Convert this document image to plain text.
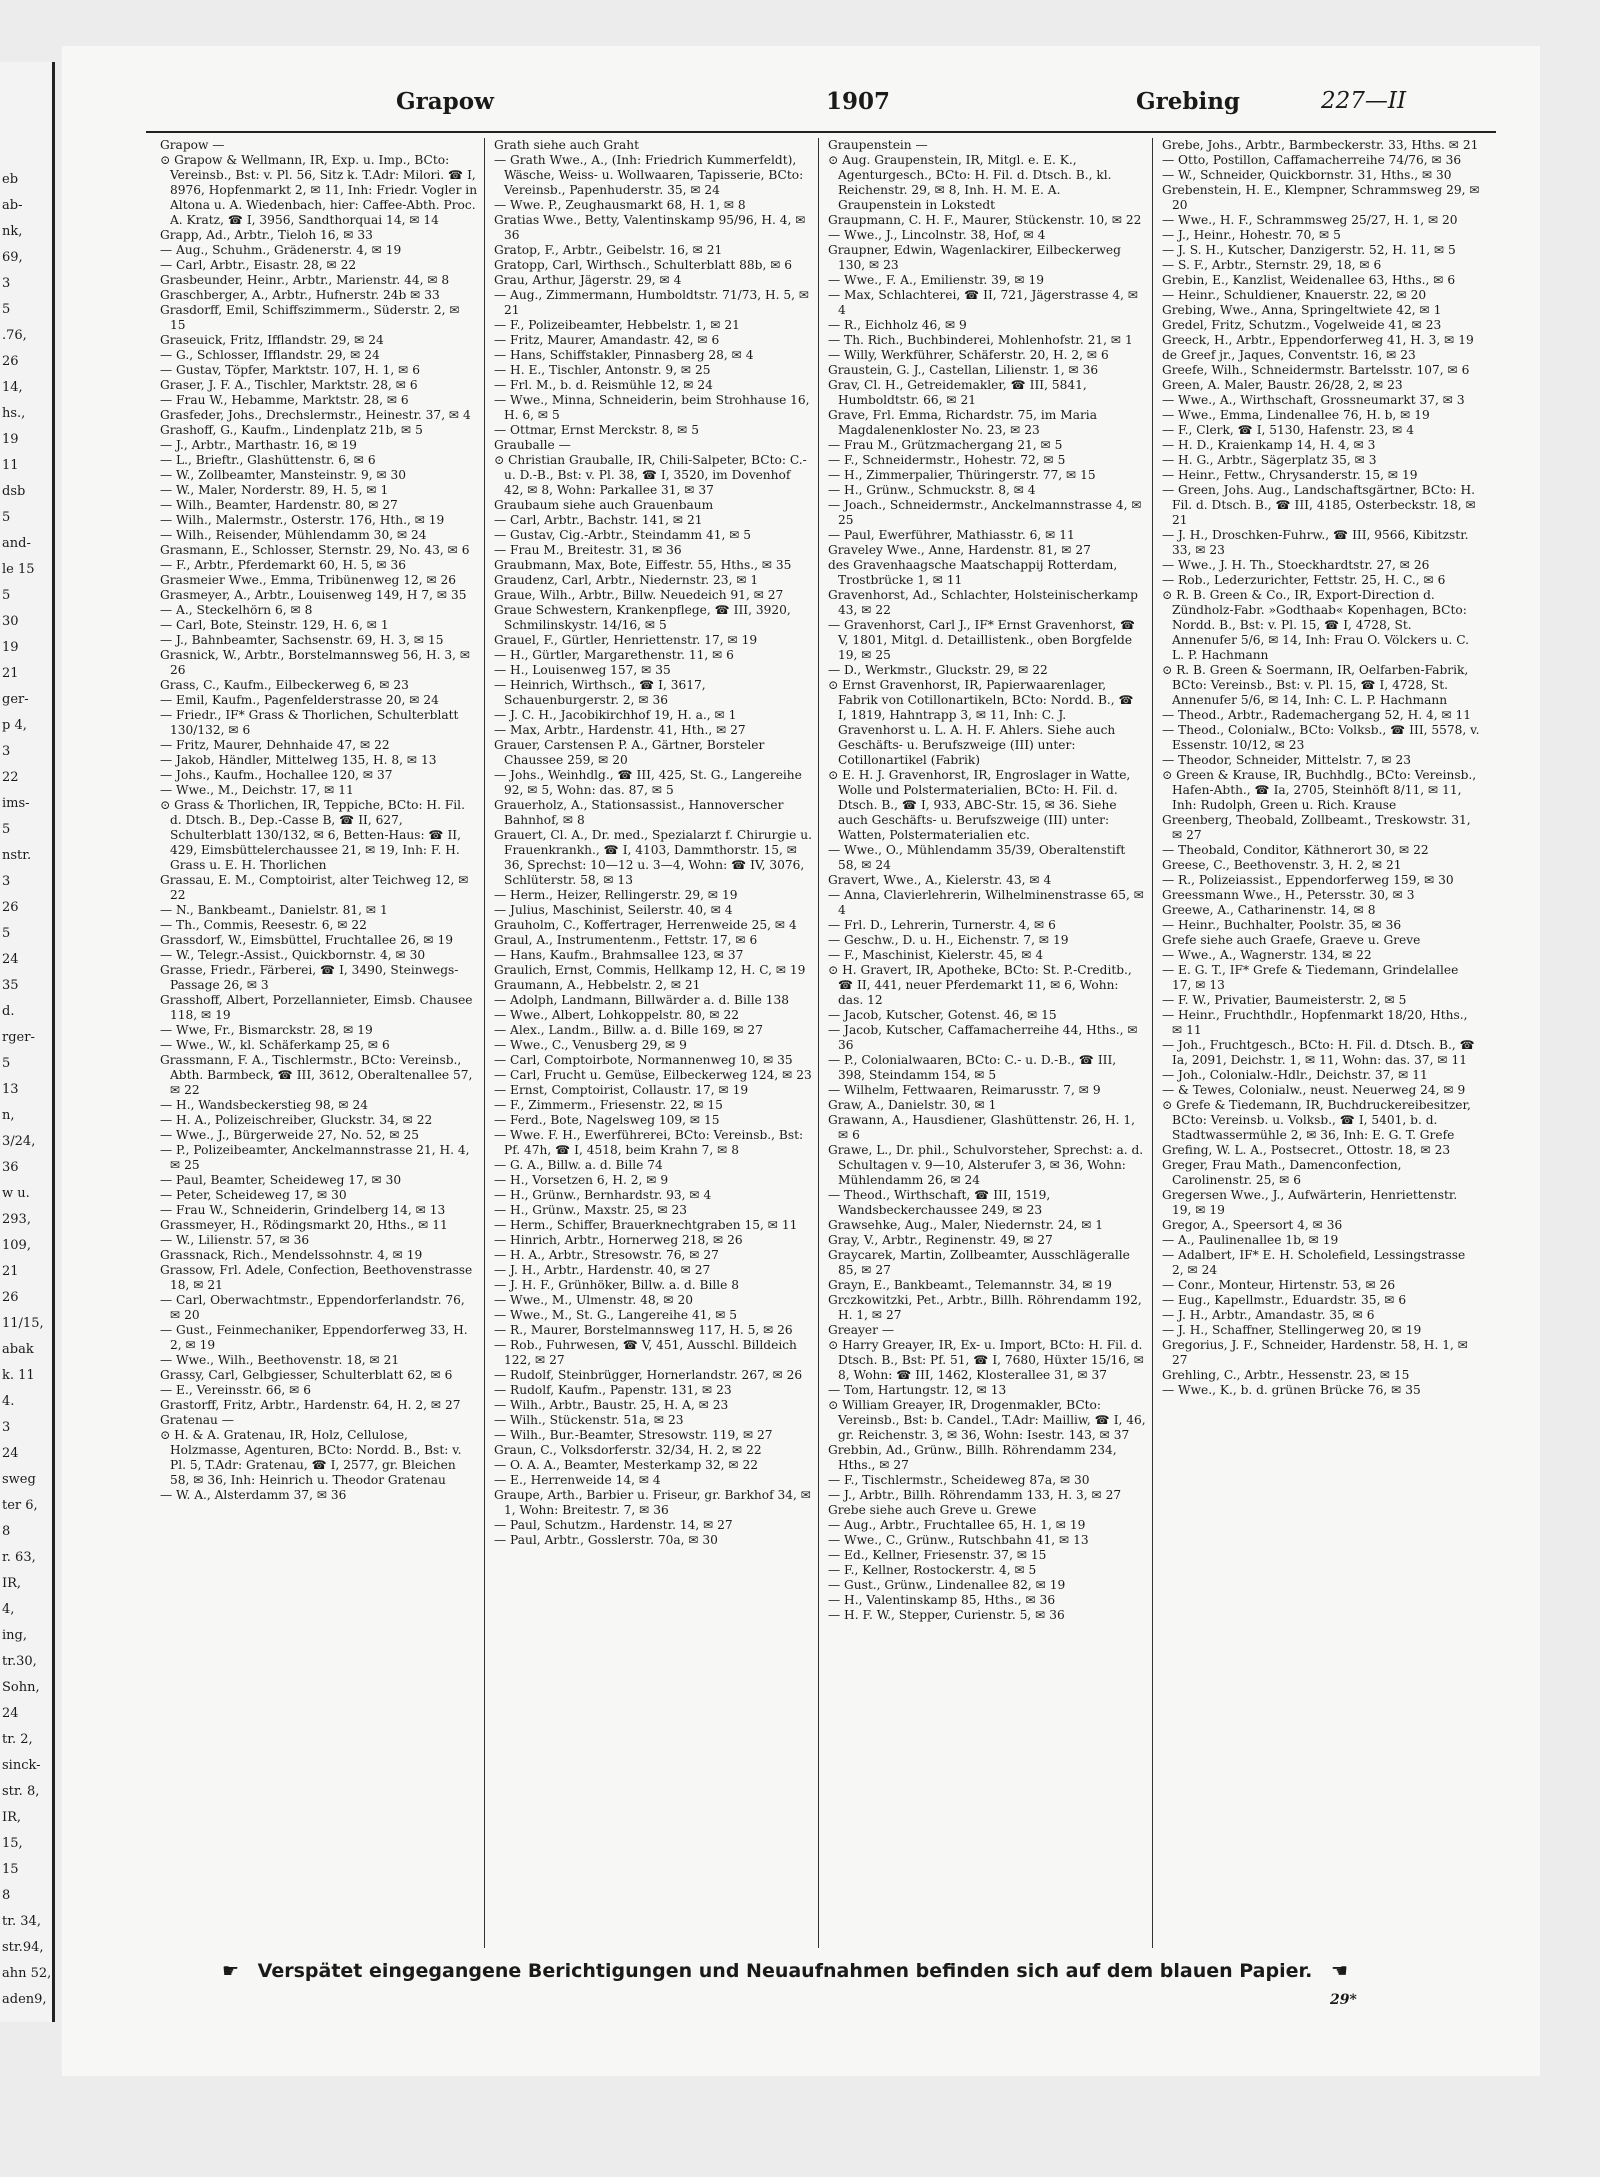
eb
ab-
nk,
69,
3
5
.76,
26
14,
hs.,
19
11
dsb
5
and-
le 15
5
30
19
21
ger-
p 4,
3
22
ims-
5
nstr.
3
26
5
24
35
d.
rger-
5
13
n,
3/24,
36
w u.
293,
109,
21
26
11/15,
abak
k. 11
4.
3
24
sweg
ter 6,
8
r. 63,
IR,
4,
ing,
tr.30,
Sohn,
24
tr. 2,
sinck-
str. 8,
IR,
15,
15
8
tr. 34,
str.94,
ahn 52,
aden9,
Grapow	1907	Grebing	227—II

Grapow —

⊙ Grapow & Wellmann, IR, Exp. u. Imp., BCto: Vereinsb., Bst: v. Pl. 56, Sitz k. T.Adr: Milori. ☎ I, 8976, Hopfenmarkt 2, ✉ 11, Inh: Friedr. Vogler in Altona u. A. Wiedenbach, hier: Caffee-Abth. Proc. A. Kratz, ☎ I, 3956, Sandthorquai 14, ✉ 14

Grapp, Ad., Arbtr., Tieloh 16, ✉ 33

— Aug., Schuhm., Grädenerstr. 4, ✉ 19

— Carl, Arbtr., Eisastr. 28, ✉ 22

Grasbeunder, Heinr., Arbtr., Marienstr. 44, ✉ 8

Graschberger, A., Arbtr., Hufnerstr. 24b ✉ 33

Grasdorff, Emil, Schiffszimmerm., Süderstr. 2, ✉ 15

Graseuick, Fritz, Ifflandstr. 29, ✉ 24

— G., Schlosser, Ifflandstr. 29, ✉ 24

— Gustav, Töpfer, Marktstr. 107, H. 1, ✉ 6

Graser, J. F. A., Tischler, Marktstr. 28, ✉ 6

— Frau W., Hebamme, Marktstr. 28, ✉ 6

Grasfeder, Johs., Drechslermstr., Heinestr. 37, ✉ 4

Grashoff, G., Kaufm., Lindenplatz 21b, ✉ 5

— J., Arbtr., Marthastr. 16, ✉ 19

— L., Brieftr., Glashüttenstr. 6, ✉ 6

— W., Zollbeamter, Mansteinstr. 9, ✉ 30

— W., Maler, Norderstr. 89, H. 5, ✉ 1

— Wilh., Beamter, Hardenstr. 80, ✉ 27

— Wilh., Malermstr., Osterstr. 176, Hth., ✉ 19

— Wilh., Reisender, Mühlendamm 30, ✉ 24

Grasmann, E., Schlosser, Sternstr. 29, No. 43, ✉ 6

— F., Arbtr., Pferdemarkt 60, H. 5, ✉ 36

Grasmeier Wwe., Emma, Tribünenweg 12, ✉ 26

Grasmeyer, A., Arbtr., Louisenweg 149, H 7, ✉ 35

— A., Steckelhörn 6, ✉ 8

— Carl, Bote, Steinstr. 129, H. 6, ✉ 1

— J., Bahnbeamter, Sachsenstr. 69, H. 3, ✉ 15

Grasnick, W., Arbtr., Borstelmannsweg 56, H. 3, ✉ 26

Grass, C., Kaufm., Eilbeckerweg 6, ✉ 23

— Emil, Kaufm., Pagenfelderstrasse 20, ✉ 24

— Friedr., IF* Grass & Thorlichen, Schulterblatt 130/132, ✉ 6

— Fritz, Maurer, Dehnhaide 47, ✉ 22

— Jakob, Händler, Mittelweg 135, H. 8, ✉ 13

— Johs., Kaufm., Hochallee 120, ✉ 37

— Wwe., M., Deichstr. 17, ✉ 11

⊙ Grass & Thorlichen, IR, Teppiche, BCto: H. Fil. d. Dtsch. B., Dep.-Casse B, ☎ II, 627, Schulterblatt 130/132, ✉ 6, Betten-Haus: ☎ II, 429, Eimsbüttelerchaussee 21, ✉ 19, Inh: F. H. Grass u. E. H. Thorlichen

Grassau, E. M., Comptoirist, alter Teichweg 12, ✉ 22

— N., Bankbeamt., Danielstr. 81, ✉ 1

— Th., Commis, Reesestr. 6, ✉ 22

Grassdorf, W., Eimsbüttel, Fruchtallee 26, ✉ 19

— W., Telegr.-Assist., Quickbornstr. 4, ✉ 30

Grasse, Friedr., Färberei, ☎ I, 3490, Steinwegs-Passage 26, ✉ 3

Grasshoff, Albert, Porzellannieter, Eimsb. Chausee 118, ✉ 19

— Wwe, Fr., Bismarckstr. 28, ✉ 19

— Wwe., W., kl. Schäferkamp 25, ✉ 6

Grassmann, F. A., Tischlermstr., BCto: Vereinsb., Abth. Barmbeck, ☎ III, 3612, Oberaltenallee 57, ✉ 22

— H., Wandsbeckerstieg 98, ✉ 24

— H. A., Polizeischreiber, Gluckstr. 34, ✉ 22

— Wwe., J., Bürgerweide 27, No. 52, ✉ 25

— P., Polizeibeamter, Anckelmannstrasse 21, H. 4, ✉ 25

— Paul, Beamter, Scheideweg 17, ✉ 30

— Peter, Scheideweg 17, ✉ 30

— Frau W., Schneiderin, Grindelberg 14, ✉ 13

Grassmeyer, H., Rödingsmarkt 20, Hths., ✉ 11

— W., Lilienstr. 57, ✉ 36

Grassnack, Rich., Mendelssohnstr. 4, ✉ 19

Grassow, Frl. Adele, Confection, Beethovenstrasse 18, ✉ 21

— Carl, Oberwachtmstr., Eppendorferlandstr. 76, ✉ 20

— Gust., Feinmechaniker, Eppendorferweg 33, H. 2, ✉ 19

— Wwe., Wilh., Beethovenstr. 18, ✉ 21

Grassy, Carl, Gelbgiesser, Schulterblatt 62, ✉ 6

— E., Vereinsstr. 66, ✉ 6

Grastorff, Fritz, Arbtr., Hardenstr. 64, H. 2, ✉ 27

Gratenau —

⊙ H. & A. Gratenau, IR, Holz, Cellulose, Holzmasse, Agenturen, BCto: Nordd. B., Bst: v. Pl. 5, T.Adr: Gratenau, ☎ I, 2577, gr. Bleichen 58, ✉ 36, Inh: Heinrich u. Theodor Gratenau

— W. A., Alsterdamm 37, ✉ 36

Grath siehe auch Graht

— Grath Wwe., A., (Inh: Friedrich Kummerfeldt), Wäsche, Weiss- u. Wollwaaren, Tapisserie, BCto: Vereinsb., Papenhuderstr. 35, ✉ 24

— Wwe. P., Zeughausmarkt 68, H. 1, ✉ 8

Gratias Wwe., Betty, Valentinskamp 95/96, H. 4, ✉ 36

Gratop, F., Arbtr., Geibelstr. 16, ✉ 21

Gratopp, Carl, Wirthsch., Schulterblatt 88b, ✉ 6

Grau, Arthur, Jägerstr. 29, ✉ 4

— Aug., Zimmermann, Humboldtstr. 71/73, H. 5, ✉ 21

— F., Polizeibeamter, Hebbelstr. 1, ✉ 21

— Fritz, Maurer, Amandastr. 42, ✉ 6

— Hans, Schiffstakler, Pinnasberg 28, ✉ 4

— H. E., Tischler, Antonstr. 9, ✉ 25

— Frl. M., b. d. Reismühle 12, ✉ 24

— Wwe., Minna, Schneiderin, beim Strohhause 16, H. 6, ✉ 5

— Ottmar, Ernst Merckstr. 8, ✉ 5

Grauballe —

⊙ Christian Grauballe, IR, Chili-Salpeter, BCto: C.- u. D.-B., Bst: v. Pl. 38, ☎ I, 3520, im Dovenhof 42, ✉ 8, Wohn: Parkallee 31, ✉ 37

Graubaum siehe auch Grauenbaum

— Carl, Arbtr., Bachstr. 141, ✉ 21

— Gustav, Cig.-Arbtr., Steindamm 41, ✉ 5

— Frau M., Breitestr. 31, ✉ 36

Graubmann, Max, Bote, Eiffestr. 55, Hths., ✉ 35

Graudenz, Carl, Arbtr., Niedernstr. 23, ✉ 1

Graue, Wilh., Arbtr., Billw. Neuedeich 91, ✉ 27

Graue Schwestern, Krankenpflege, ☎ III, 3920, Schmilinskystr. 14/16, ✉ 5

Grauel, F., Gürtler, Henriettenstr. 17, ✉ 19

— H., Gürtler, Margarethenstr. 11, ✉ 6

— H., Louisenweg 157, ✉ 35

— Heinrich, Wirthsch., ☎ I, 3617, Schauenburgerstr. 2, ✉ 36

— J. C. H., Jacobikirchhof 19, H. a., ✉ 1

— Max, Arbtr., Hardenstr. 41, Hth., ✉ 27

Grauer, Carstensen P. A., Gärtner, Borsteler Chaussee 259, ✉ 20

— Johs., Weinhdlg., ☎ III, 425, St. G., Langereihe 92, ✉ 5, Wohn: das. 87, ✉ 5

Grauerholz, A., Stationsassist., Hannoverscher Bahnhof, ✉ 8

Grauert, Cl. A., Dr. med., Spezialarzt f. Chirurgie u. Frauenkrankh., ☎ I, 4103, Dammthorstr. 15, ✉ 36, Sprechst: 10—12 u. 3—4, Wohn: ☎ IV, 3076, Schlüterstr. 58, ✉ 13

— Herm., Heizer, Rellingerstr. 29, ✉ 19

— Julius, Maschinist, Seilerstr. 40, ✉ 4

Grauholm, C., Koffertrager, Herrenweide 25, ✉ 4

Graul, A., Instrumentenm., Fettstr. 17, ✉ 6

— Hans, Kaufm., Brahmsallee 123, ✉ 37

Graulich, Ernst, Commis, Hellkamp 12, H. C, ✉ 19

Graumann, A., Hebbelstr. 2, ✉ 21

— Adolph, Landmann, Billwärder a. d. Bille 138

— Wwe., Albert, Lohkoppelstr. 80, ✉ 22

— Alex., Landm., Billw. a. d. Bille 169, ✉ 27

— Wwe., C., Venusberg 29, ✉ 9

— Carl, Comptoirbote, Normannenweg 10, ✉ 35

— Carl, Frucht u. Gemüse, Eilbeckerweg 124, ✉ 23

— Ernst, Comptoirist, Collaustr. 17, ✉ 19

— F., Zimmerm., Friesenstr. 22, ✉ 15

— Ferd., Bote, Nagelsweg 109, ✉ 15

— Wwe. F. H., Ewerführerei, BCto: Vereinsb., Bst: Pf. 47h, ☎ I, 4518, beim Krahn 7, ✉ 8

— G. A., Billw. a. d. Bille 74

— H., Vorsetzen 6, H. 2, ✉ 9

— H., Grünw., Bernhardstr. 93, ✉ 4

— H., Grünw., Maxstr. 25, ✉ 23

— Herm., Schiffer, Brauerknechtgraben 15, ✉ 11

— Hinrich, Arbtr., Hornerweg 218, ✉ 26

— H. A., Arbtr., Stresowstr. 76, ✉ 27

— J. H., Arbtr., Hardenstr. 40, ✉ 27

— J. H. F., Grünhöker, Billw. a. d. Bille 8

— Wwe., M., Ulmenstr. 48, ✉ 20

— Wwe., M., St. G., Langereihe 41, ✉ 5

— R., Maurer, Borstelmannsweg 117, H. 5, ✉ 26

— Rob., Fuhrwesen, ☎ V, 451, Ausschl. Billdeich 122, ✉ 27

— Rudolf, Steinbrügger, Hornerlandstr. 267, ✉ 26

— Rudolf, Kaufm., Papenstr. 131, ✉ 23

— Wilh., Arbtr., Baustr. 25, H. A, ✉ 23

— Wilh., Stückenstr. 51a, ✉ 23

— Wilh., Bur.-Beamter, Stresowstr. 119, ✉ 27

Graun, C., Volksdorferstr. 32/34, H. 2, ✉ 22

— O. A. A., Beamter, Mesterkamp 32, ✉ 22

— E., Herrenweide 14, ✉ 4

Graupe, Arth., Barbier u. Friseur, gr. Barkhof 34, ✉ 1, Wohn: Breitestr. 7, ✉ 36

— Paul, Schutzm., Hardenstr. 14, ✉ 27

— Paul, Arbtr., Gosslerstr. 70a, ✉ 30

Graupenstein —

⊙ Aug. Graupenstein, IR, Mitgl. e. E. K., Agenturgesch., BCto: H. Fil. d. Dtsch. B., kl. Reichenstr. 29, ✉ 8, Inh. H. M. E. A. Graupenstein in Lokstedt

Graupmann, C. H. F., Maurer, Stückenstr. 10, ✉ 22

— Wwe., J., Lincolnstr. 38, Hof, ✉ 4

Graupner, Edwin, Wagenlackirer, Eilbeckerweg 130, ✉ 23

— Wwe., F. A., Emilienstr. 39, ✉ 19

— Max, Schlachterei, ☎ II, 721, Jägerstrasse 4, ✉ 4

— R., Eichholz 46, ✉ 9

— Th. Rich., Buchbinderei, Mohlenhofstr. 21, ✉ 1

— Willy, Werkführer, Schäferstr. 20, H. 2, ✉ 6

Graustein, G. J., Castellan, Lilienstr. 1, ✉ 36

Grav, Cl. H., Getreidemakler, ☎ III, 5841, Humboldtstr. 66, ✉ 21

Grave, Frl. Emma, Richardstr. 75, im Maria Magdalenenkloster No. 23, ✉ 23

— Frau M., Grützmachergang 21, ✉ 5

— F., Schneidermstr., Hohestr. 72, ✉ 5

— H., Zimmerpalier, Thüringerstr. 77, ✉ 15

— H., Grünw., Schmuckstr. 8, ✉ 4

— Joach., Schneidermstr., Anckelmannstrasse 4, ✉ 25

— Paul, Ewerführer, Mathiasstr. 6, ✉ 11

Graveley Wwe., Anne, Hardenstr. 81, ✉ 27

des Gravenhaagsche Maatschappij Rotterdam, Trostbrücke 1, ✉ 11

Gravenhorst, Ad., Schlachter, Holsteinischerkamp 43, ✉ 22

— Gravenhorst, Carl J., IF* Ernst Gravenhorst, ☎ V, 1801, Mitgl. d. Detaillistenk., oben Borgfelde 19, ✉ 25

— D., Werkmstr., Gluckstr. 29, ✉ 22

⊙ Ernst Gravenhorst, IR, Papierwaarenlager, Fabrik von Cotillonartikeln, BCto: Nordd. B., ☎ I, 1819, Hahntrapp 3, ✉ 11, Inh: C. J. Gravenhorst u. L. A. H. F. Ahlers. Siehe auch Geschäfts- u. Berufszweige (III) unter: Cotillonartikel (Fabrik)

⊙ E. H. J. Gravenhorst, IR, Engroslager in Watte, Wolle und Polstermaterialien, BCto: H. Fil. d. Dtsch. B., ☎ I, 933, ABC-Str. 15, ✉ 36. Siehe auch Geschäfts- u. Berufszweige (III) unter: Watten, Polstermaterialien etc.

— Wwe., O., Mühlendamm 35/39, Oberaltenstift 58, ✉ 24

Gravert, Wwe., A., Kielerstr. 43, ✉ 4

— Anna, Clavierlehrerin, Wilhelminenstrasse 65, ✉ 4

— Frl. D., Lehrerin, Turnerstr. 4, ✉ 6

— Geschw., D. u. H., Eichenstr. 7, ✉ 19

— F., Maschinist, Kielerstr. 45, ✉ 4

⊙ H. Gravert, IR, Apotheke, BCto: St. P.-Creditb., ☎ II, 441, neuer Pferdemarkt 11, ✉ 6, Wohn: das. 12

— Jacob, Kutscher, Gotenst. 46, ✉ 15

— Jacob, Kutscher, Caffamacherreihe 44, Hths., ✉ 36

— P., Colonialwaaren, BCto: C.- u. D.-B., ☎ III, 398, Steindamm 154, ✉ 5

— Wilhelm, Fettwaaren, Reimarusstr. 7, ✉ 9

Graw, A., Danielstr. 30, ✉ 1

Grawann, A., Hausdiener, Glashüttenstr. 26, H. 1, ✉ 6

Grawe, L., Dr. phil., Schulvorsteher, Sprechst: a. d. Schultagen v. 9—10, Alsterufer 3, ✉ 36, Wohn: Mühlendamm 26, ✉ 24

— Theod., Wirthschaft, ☎ III, 1519, Wandsbeckerchaussee 249, ✉ 23

Grawsehke, Aug., Maler, Niedernstr. 24, ✉ 1

Gray, V., Arbtr., Reginenstr. 49, ✉ 27

Graycarek, Martin, Zollbeamter, Ausschlägeralle 85, ✉ 27

Grayn, E., Bankbeamt., Telemannstr. 34, ✉ 19

Grczkowitzki, Pet., Arbtr., Billh. Röhrendamm 192, H. 1, ✉ 27

Greayer —

⊙ Harry Greayer, IR, Ex- u. Import, BCto: H. Fil. d. Dtsch. B., Bst: Pf. 51, ☎ I, 7680, Hüxter 15/16, ✉ 8, Wohn: ☎ III, 1462, Klosterallee 31, ✉ 37

— Tom, Hartungstr. 12, ✉ 13

⊙ William Greayer, IR, Drogenmakler, BCto: Vereinsb., Bst: b. Candel., T.Adr: Mailliw, ☎ I, 46, gr. Reichenstr. 3, ✉ 36, Wohn: Isestr. 143, ✉ 37

Grebbin, Ad., Grünw., Billh. Röhrendamm 234, Hths., ✉ 27

— F., Tischlermstr., Scheideweg 87a, ✉ 30

— J., Arbtr., Billh. Röhrendamm 133, H. 3, ✉ 27

Grebe siehe auch Greve u. Grewe

— Aug., Arbtr., Fruchtallee 65, H. 1, ✉ 19

— Wwe., C., Grünw., Rutschbahn 41, ✉ 13

— Ed., Kellner, Friesenstr. 37, ✉ 15

— F., Kellner, Rostockerstr. 4, ✉ 5

— Gust., Grünw., Lindenallee 82, ✉ 19

— H., Valentinskamp 85, Hths., ✉ 36

— H. F. W., Stepper, Curienstr. 5, ✉ 36

Grebe, Johs., Arbtr., Barmbeckerstr. 33, Hths. ✉ 21

— Otto, Postillon, Caffamacherreihe 74/76, ✉ 36

— W., Schneider, Quickbornstr. 31, Hths., ✉ 30

Grebenstein, H. E., Klempner, Schrammsweg 29, ✉ 20

— Wwe., H. F., Schrammsweg 25/27, H. 1, ✉ 20

— J., Heinr., Hohestr. 70, ✉ 5

— J. S. H., Kutscher, Danzigerstr. 52, H. 11, ✉ 5

— S. F., Arbtr., Sternstr. 29, 18, ✉ 6

Grebin, E., Kanzlist, Weidenallee 63, Hths., ✉ 6

— Heinr., Schuldiener, Knauerstr. 22, ✉ 20

Grebing, Wwe., Anna, Springeltwiete 42, ✉ 1

Gredel, Fritz, Schutzm., Vogelweide 41, ✉ 23

Greeck, H., Arbtr., Eppendorferweg 41, H. 3, ✉ 19

de Greef jr., Jaques, Conventstr. 16, ✉ 23

Greefe, Wilh., Schneidermstr. Bartelsstr. 107, ✉ 6

Green, A. Maler, Baustr. 26/28, 2, ✉ 23

— Wwe., A., Wirthschaft, Grossneumarkt 37, ✉ 3

— Wwe., Emma, Lindenallee 76, H. b, ✉ 19

— F., Clerk, ☎ I, 5130, Hafenstr. 23, ✉ 4

— H. D., Kraienkamp 14, H. 4, ✉ 3

— H. G., Arbtr., Sägerplatz 35, ✉ 3

— Heinr., Fettw., Chrysanderstr. 15, ✉ 19

— Green, Johs. Aug., Landschaftsgärtner, BCto: H. Fil. d. Dtsch. B., ☎ III, 4185, Osterbeckstr. 18, ✉ 21

— J. H., Droschken-Fuhrw., ☎ III, 9566, Kibitzstr. 33, ✉ 23

— Wwe., J. H. Th., Stoeckhardtstr. 27, ✉ 26

— Rob., Lederzurichter, Fettstr. 25, H. C., ✉ 6

⊙ R. B. Green & Co., IR, Export-Direction d. Zündholz-Fabr. »Godthaab« Kopenhagen, BCto: Nordd. B., Bst: v. Pl. 15, ☎ I, 4728, St. Annenufer 5/6, ✉ 14, Inh: Frau O. Völckers u. C. L. P. Hachmann

⊙ R. B. Green & Soermann, IR, Oelfarben-Fabrik, BCto: Vereinsb., Bst: v. Pl. 15, ☎ I, 4728, St. Annenufer 5/6, ✉ 14, Inh: C. L. P. Hachmann

— Theod., Arbtr., Rademachergang 52, H. 4, ✉ 11

— Theod., Colonialw., BCto: Volksb., ☎ III, 5578, v. Essenstr. 10/12, ✉ 23

— Theodor, Schneider, Mittelstr. 7, ✉ 23

⊙ Green & Krause, IR, Buchhdlg., BCto: Vereinsb., Hafen-Abth., ☎ Ia, 2705, Steinhöft 8/11, ✉ 11, Inh: Rudolph, Green u. Rich. Krause

Greenberg, Theobald, Zollbeamt., Treskowstr. 31, ✉ 27

— Theobald, Conditor, Käthnerort 30, ✉ 22

Greese, C., Beethovenstr. 3, H. 2, ✉ 21

— R., Polizeiassist., Eppendorferweg 159, ✉ 30

Greessmann Wwe., H., Petersstr. 30, ✉ 3

Greewe, A., Catharinenstr. 14, ✉ 8

— Heinr., Buchhalter, Poolstr. 35, ✉ 36

Grefe siehe auch Graefe, Graeve u. Greve

— Wwe., A., Wagnerstr. 134, ✉ 22

— E. G. T., IF* Grefe & Tiedemann, Grindelallee 17, ✉ 13

— F. W., Privatier, Baumeisterstr. 2, ✉ 5

— Heinr., Fruchthdlr., Hopfenmarkt 18/20, Hths., ✉ 11

— Joh., Fruchtgesch., BCto: H. Fil. d. Dtsch. B., ☎ Ia, 2091, Deichstr. 1, ✉ 11, Wohn: das. 37, ✉ 11

— Joh., Colonialw.-Hdlr., Deichstr. 37, ✉ 11

— & Tewes, Colonialw., neust. Neuerweg 24, ✉ 9

⊙ Grefe & Tiedemann, IR, Buchdruckereibesitzer, BCto: Vereinsb. u. Volksb., ☎ I, 5401, b. d. Stadtwassermühle 2, ✉ 36, Inh: E. G. T. Grefe

Grefing, W. L. A., Postsecret., Ottostr. 18, ✉ 23

Greger, Frau Math., Damenconfection, Carolinenstr. 25, ✉ 6

Gregersen Wwe., J., Aufwärterin, Henriettenstr. 19, ✉ 19

Gregor, A., Speersort 4, ✉ 36

— A., Paulinenallee 1b, ✉ 19

— Adalbert, IF* E. H. Scholefield, Lessingstrasse 2, ✉ 24

— Conr., Monteur, Hirtenstr. 53, ✉ 26

— Eug., Kapellmstr., Eduardstr. 35, ✉ 6

— J. H., Arbtr., Amandastr. 35, ✉ 6

— J. H., Schaffner, Stellingerweg 20, ✉ 19

Gregorius, J. F., Schneider, Hardenstr. 58, H. 1, ✉ 27

Grehling, C., Arbtr., Hessenstr. 23, ✉ 15

— Wwe., K., b. d. grünen Brücke 76, ✉ 35

☛ Verspätet eingegangene Berichtigungen und Neuaufnahmen befinden sich auf dem blauen Papier. ☚
29*
